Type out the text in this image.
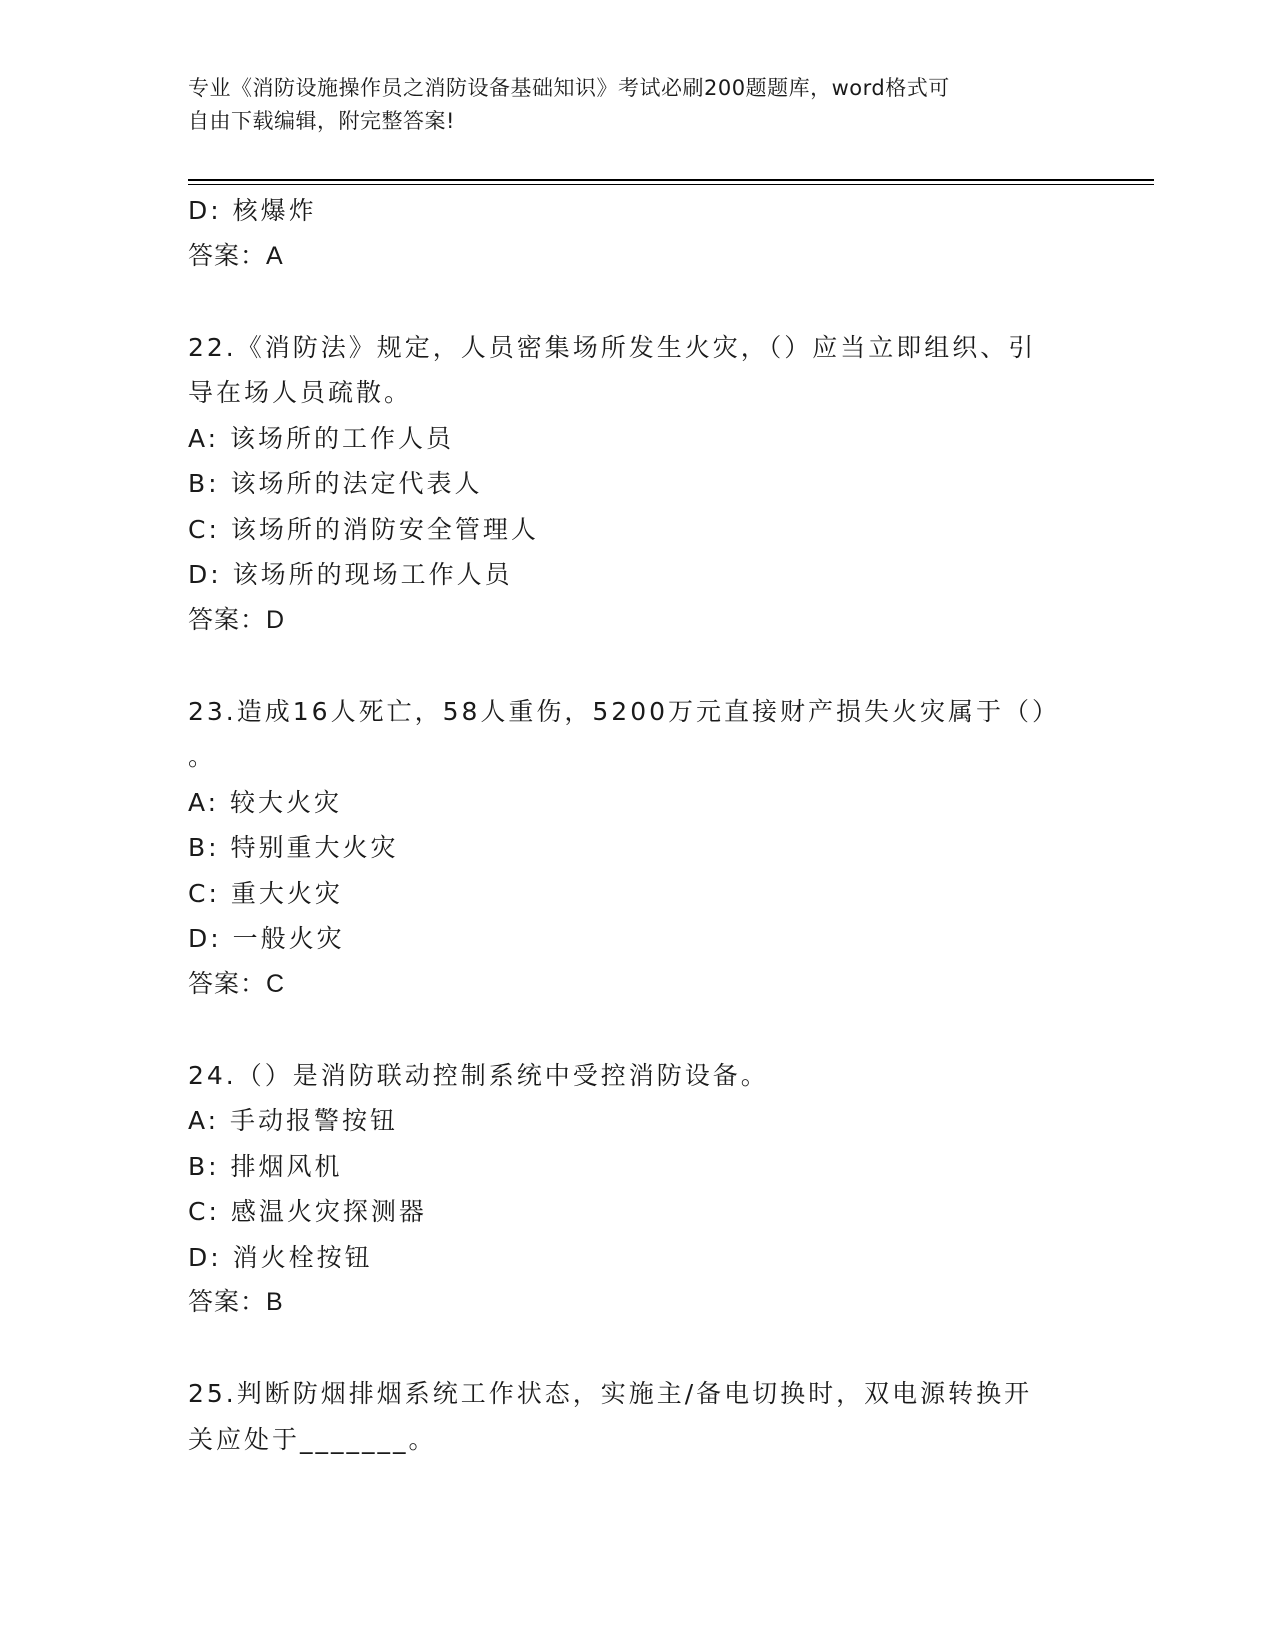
专业《消防设施操作员之消防设备基础知识》考试必刷200题题库，word格式可
自由下载编辑，附完整答案!
D: 核爆炸
答案：A
22.《消防法》规定，人员密集场所发生火灾，（）应当立即组织、引
导在场人员疏散。
A: 该场所的工作人员
B: 该场所的法定代表人
C: 该场所的消防安全管理人
D: 该场所的现场工作人员
答案：D
23.造成16人死亡，58人重伤，5200万元直接财产损失火灾属于（）
。
A: 较大火灾
B: 特别重大火灾
C: 重大火灾
D: 一般火灾
答案：C
24.（）是消防联动控制系统中受控消防设备。
A: 手动报警按钮
B: 排烟风机
C: 感温火灾探测器
D: 消火栓按钮
答案：B
25.判断防烟排烟系统工作状态，实施主/备电切换时，双电源转换开
关应处于_______。
